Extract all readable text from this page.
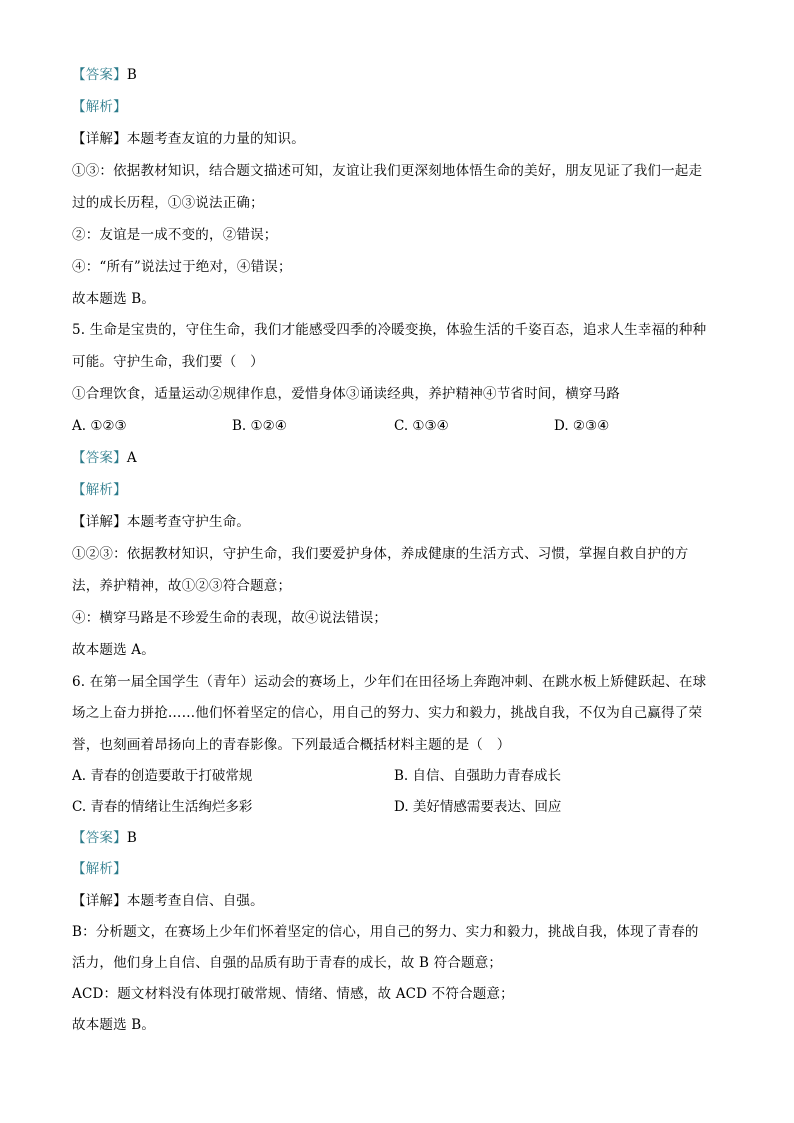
【答案】B
【解析】
【详解】本题考查友谊的力量的知识。
①③：依据教材知识，结合题文描述可知，友谊让我们更深刻地体悟生命的美好，朋友见证了我们一起走
过的成长历程，①③说法正确；
②：友谊是一成不变的，②错误；
④：“所有”说法过于绝对，④错误；
故本题选 B。
5. 生命是宝贵的，守住生命，我们才能感受四季的冷暖变换，体验生活的千姿百态，追求人生幸福的种种
可能。守护生命，我们要（　）
①合理饮食，适量运动②规律作息，爱惜身体③诵读经典，养护精神④节省时间，横穿马路
A. ①②③	B. ①②④	C. ①③④	D. ②③④
【答案】A
【解析】
【详解】本题考查守护生命。
①②③：依据教材知识，守护生命，我们要爱护身体，养成健康的生活方式、习惯，掌握自救自护的方
法，养护精神，故①②③符合题意；
④：横穿马路是不珍爱生命的表现，故④说法错误；
故本题选 A。
6. 在第一届全国学生（青年）运动会的赛场上，少年们在田径场上奔跑冲刺、在跳水板上矫健跃起、在球
场之上奋力拼抢……他们怀着坚定的信心，用自己的努力、实力和毅力，挑战自我，不仅为自己赢得了荣
誉，也刻画着昂扬向上的青春影像。下列最适合概括材料主题的是（　）
A. 青春的创造要敢于打破常规	B. 自信、自强助力青春成长
C. 青春的情绪让生活绚烂多彩	D. 美好情感需要表达、回应
【答案】B
【解析】
【详解】本题考查自信、自强。
B：分析题文，在赛场上少年们怀着坚定的信心，用自己的努力、实力和毅力，挑战自我，体现了青春的
活力，他们身上自信、自强的品质有助于青春的成长，故 B 符合题意；
ACD：题文材料没有体现打破常规、情绪、情感，故 ACD 不符合题意；
故本题选 B。
